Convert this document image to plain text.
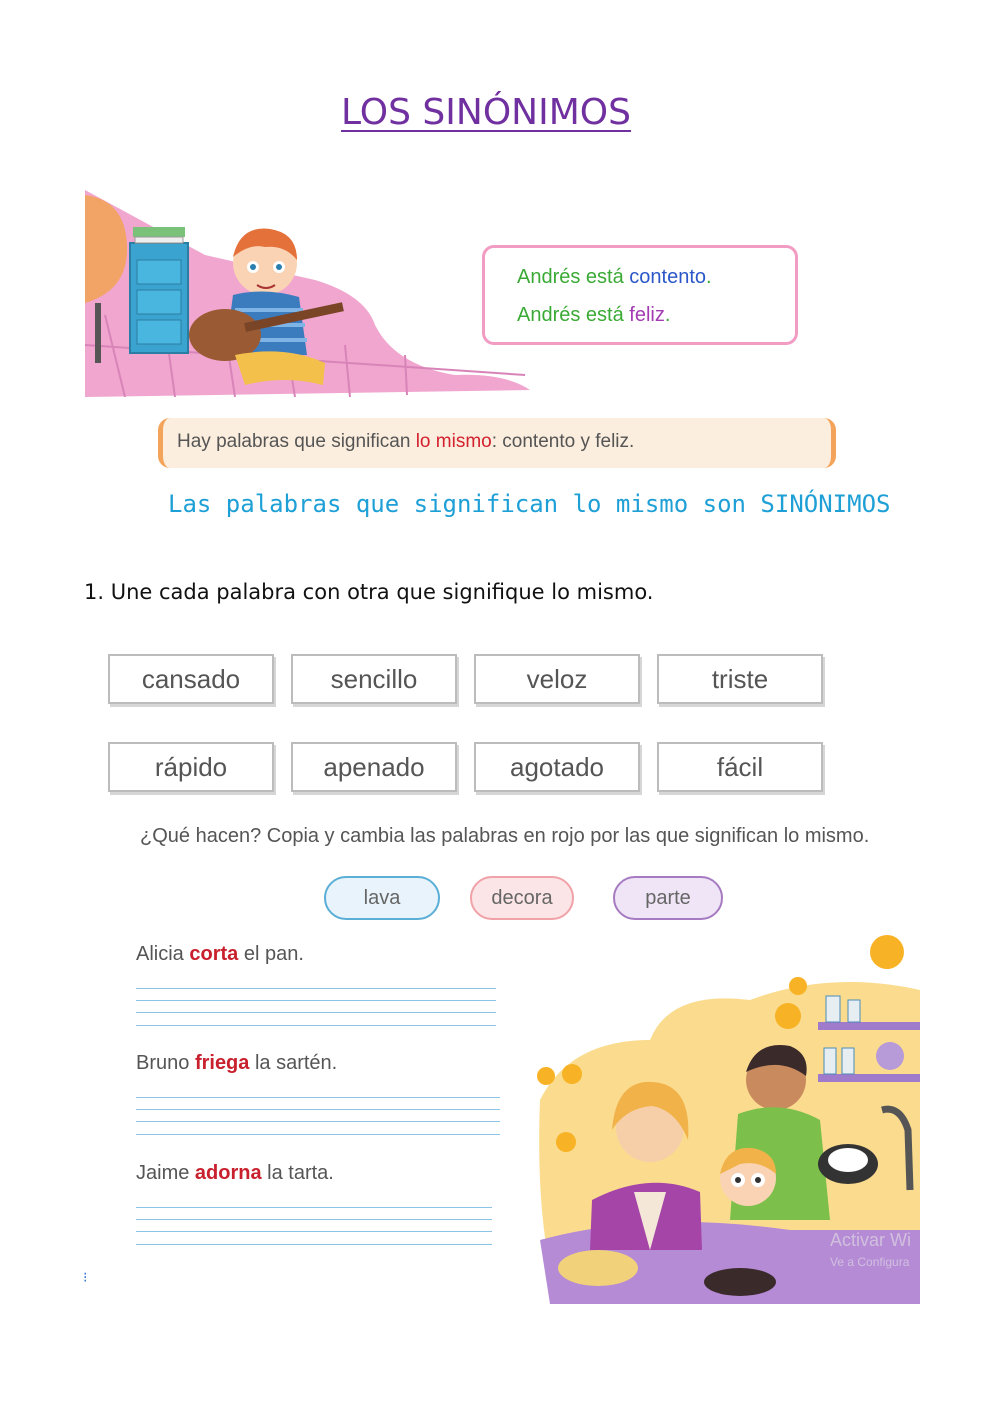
LOS SINÓNIMOS
Andrés está contento.
Andrés está feliz.
Hay palabras que significan lo mismo: contento y feliz.
Las palabras que significan lo mismo son SINÓNIMOS
1. Une cada palabra con otra que signifique lo mismo.
cansado	sencillo	veloz	triste
rápido	apenado	agotado	fácil
¿Qué hacen? Copia y cambia las palabras en rojo por las que significan lo mismo.
lava	decora	parte
Alicia corta el pan.
Bruno friega la sartén.
Jaime adorna la tarta.
Activar Wi
Ve a Configura
⁝
